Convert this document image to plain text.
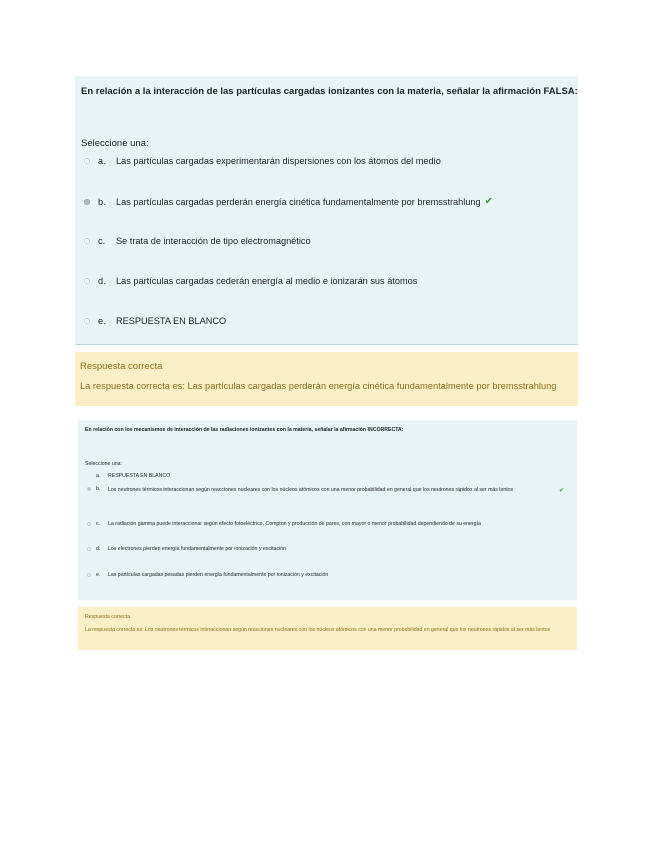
En relación a la interacción de las partículas cargadas ionizantes con la materia, señalar la afirmación FALSA:
Seleccione una:
a.	Las partículas cargadas experimentarán dispersiones con los átomos del medio
b.	Las partículas cargadas perderán energía cinética fundamentalmente por bremsstrahlung ✔
c.	Se trata de interacción de tipo electromagnético
d.	Las partículas cargadas cederán energía al medio e ionizarán sus átomos
e.	RESPUESTA EN BLANCO
Respuesta correcta
La respuesta correcta es: Las partículas cargadas perderán energía cinética fundamentalmente por bremsstrahlung
En relación con los mecanismos de interacción de las radiaciones ionizantes con la materia, señalar la afirmación INCORRECTA:
Seleccione una:
a.	RESPUESTA EN BLANCO
b.	Los neutrones térmicos interaccionan según reacciones nucleares con los núcleos atómicos con una menor probabilidad en general que los neutrones rápidos al ser más lentos	✔
c.	La radiación gamma puede interaccionar según efecto fotoeléctrico, Compton y producción de pares, con mayor o menor probabilidad dependiendo de su energía
d.	Los electrones pierden energía fundamentalmente por ionización y excitación
e.	Las partículas cargadas pesadas pierden energía fundamentalmente por ionización y excitación
Respuesta correcta
La respuesta correcta es: Los neutrones térmicos interaccionan según reacciones nucleares con los núcleos atómicos con una menor probabilidad en general que los neutrones rápidos al ser más lentos
